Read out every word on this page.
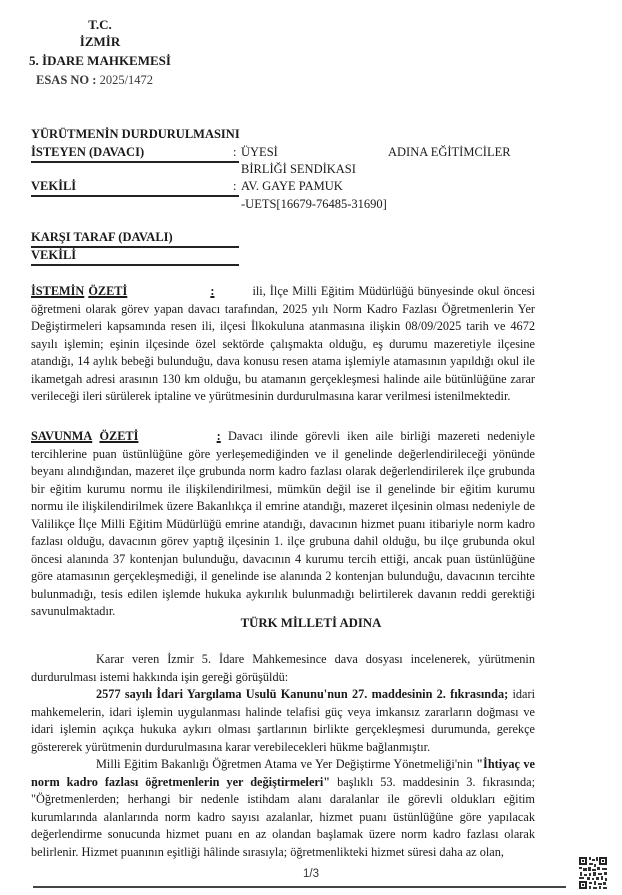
T.C.
İZMİR
5. İDARE MAHKEMESİ
ESAS NO : 2025/1472
YÜRÜTMENİN DURDURULMASINI
İSTEYEN (DAVACI)	: ÜYESİ	ADINA EĞİTİMCİLER
BİRLİĞİ SENDİKASI
VEKİLİ	: AV. GAYE PAMUK
-UETS[16679-76485-31690]
KARŞI TARAF (DAVALI)
VEKİLİ

İSTEMİN ÖZETİ	:	ili, İlçe Milli Eğitim Müdürlüğü bünyesinde okul öncesi öğretmeni olarak görev yapan davacı tarafından, 2025 yılı Norm Kadro Fazlası Öğretmenlerin Yer Değiştirmeleri kapsamında resen ili, ilçesi İlkokuluna atanmasına ilişkin 08/09/2025 tarih ve 4672 sayılı işlemin; eşinin ilçesinde özel sektörde çalışmakta olduğu, eş durumu mazeretiyle ilçesine atandığı, 14 aylık bebeği bulunduğu, dava konusu resen atama işlemiyle atamasının yapıldığı okul ile ikametgah adresi arasının 130 km olduğu, bu atamanın gerçekleşmesi halinde aile bütünlüğüne zarar verileceği ileri sürülerek iptaline ve yürütmesinin durdurulmasına karar verilmesi istenilmektedir.

SAVUNMA ÖZETİ	: Davacı ilinde görevli iken aile birliği mazereti nedeniyle tercihlerine puan üstünlüğüne göre yerleşemediğinden ve il genelinde değerlendirileceği yönünde beyanı alındığından, mazeret ilçe grubunda norm kadro fazlası olarak değerlendirilerek ilçe grubunda bir eğitim kurumu normu ile ilişkilendirilmesi, mümkün değil ise il genelinde bir eğitim kurumu normu ile ilişkilendirilmek üzere Bakanlıkça il emrine atandığı, mazeret ilçesinin olması nedeniyle de Valilikçe İlçe Milli Eğitim Müdürlüğü emrine atandığı, davacının hizmet puanı itibariyle norm kadro fazlası olduğu, davacının görev yaptığ ilçesinin 1. ilçe grubuna dahil olduğu, bu ilçe grubunda okul öncesi alanında 37 kontenjan bulunduğu, davacının 4 kurumu tercih ettiği, ancak puan üstünlüğüne göre atamasının gerçekleşmediği, il genelinde ise alanında 2 kontenjan bulunduğu, davacının tercihte bulunmadığı, tesis edilen işlemde hukuka aykırılık bulunmadığı belirtilerek davanın reddi gerektiği savunulmaktadır.

TÜRK MİLLETİ ADINA

Karar veren İzmir 5. İdare Mahkemesince dava dosyası incelenerek, yürütmenin durdurulması istemi hakkında işin gereği görüşüldü:

2577 sayılı İdari Yargılama Usulü Kanunu'nun 27. maddesinin 2. fıkrasında; idari mahkemelerin, idari işlemin uygulanması halinde telafisi güç veya imkansız zararların doğması ve idari işlemin açıkça hukuka aykırı olması şartlarının birlikte gerçekleşmesi durumunda, gerekçe göstererek yürütmenin durdurulmasına karar verebilecekleri hükme bağlanmıştır.

Milli Eğitim Bakanlığı Öğretmen Atama ve Yer Değiştirme Yönetmeliği'nin "İhtiyaç ve norm kadro fazlası öğretmenlerin yer değiştirmeleri" başlıklı 53. maddesinin 3. fıkrasında; "Öğretmenlerden; herhangi bir nedenle istihdam alanı daralanlar ile görevli oldukları eğitim kurumlarında alanlarında norm kadro sayısı azalanlar, hizmet puanı üstünlüğüne göre yapılacak değerlendirme sonucunda hizmet puanı en az olandan başlamak üzere norm kadro fazlası olarak belirlenir. Hizmet puanının eşitliği hâlinde sırasıyla; öğretmenlikteki hizmet süresi daha az olan,

1/3
